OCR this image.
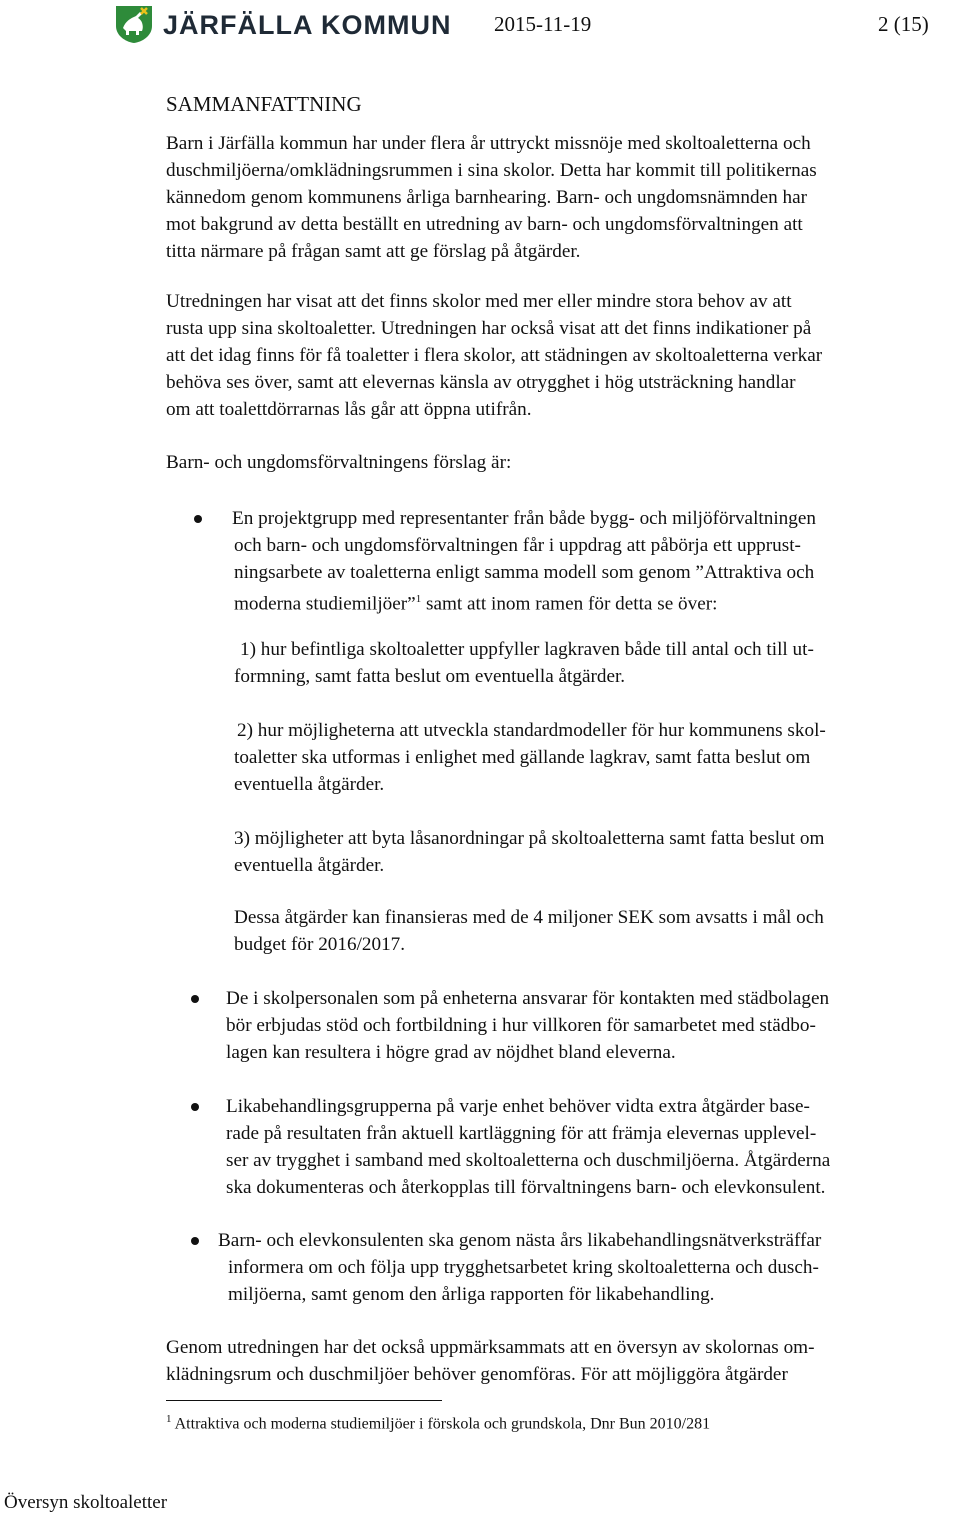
JÄRFÄLLA KOMMUN 2015-11-19	2 (15)
SAMMANFATTNING
Barn i Järfälla kommun har under flera år uttryckt missnöje med skoltoaletterna och
duschmiljöerna/omklädningsrummen i sina skolor. Detta har kommit till politikernas
kännedom genom kommunens årliga barnhearing. Barn- och ungdomsnämnden har
mot bakgrund av detta beställt en utredning av barn- och ungdomsförvaltningen att
titta närmare på frågan samt att ge förslag på åtgärder.
Utredningen har visat att det finns skolor med mer eller mindre stora behov av att
rusta upp sina skoltoaletter. Utredningen har också visat att det finns indikationer på
att det idag finns för få toaletter i flera skolor, att städningen av skoltoaletterna verkar
behöva ses över, samt att elevernas känsla av otrygghet i hög utsträckning handlar
om att toalettdörrarnas lås går att öppna utifrån.
Barn- och ungdomsförvaltningens förslag är:
En projektgrupp med representanter från både bygg- och miljöförvaltningen
och barn- och ungdomsförvaltningen får i uppdrag att påbörja ett upprust-
ningsarbete av toaletterna enligt samma modell som genom ”Attraktiva och
moderna studiemiljöer”$^1$ samt att inom ramen för detta se över:
1) hur befintliga skoltoaletter uppfyller lagkraven både till antal och till ut-
formning, samt fatta beslut om eventuella åtgärder.
2) hur möjligheterna att utveckla standardmodeller för hur kommunens skol-
toaletter ska utformas i enlighet med gällande lagkrav, samt fatta beslut om
eventuella åtgärder.
3) möjligheter att byta låsanordningar på skoltoaletterna samt fatta beslut om
eventuella åtgärder.
Dessa åtgärder kan finansieras med de 4 miljoner SEK som avsatts i mål och
budget för 2016/2017.
De i skolpersonalen som på enheterna ansvarar för kontakten med städbolagen
bör erbjudas stöd och fortbildning i hur villkoren för samarbetet med städbo-
lagen kan resultera i högre grad av nöjdhet bland eleverna.
Likabehandlingsgrupperna på varje enhet behöver vidta extra åtgärder base-
rade på resultaten från aktuell kartläggning för att främja elevernas upplevel-
ser av trygghet i samband med skoltoaletterna och duschmiljöerna. Åtgärderna
ska dokumenteras och återkopplas till förvaltningens barn- och elevkonsulent.
Barn- och elevkonsulenten ska genom nästa års likabehandlingsnätverksträffar
informera om och följa upp trygghetsarbetet kring skoltoaletterna och dusch-
miljöerna, samt genom den årliga rapporten för likabehandling.
Genom utredningen har det också uppmärksammats att en översyn av skolornas om-
klädningsrum och duschmiljöer behöver genomföras. För att möjliggöra åtgärder
$^1$ Attraktiva och moderna studiemiljöer i förskola och grundskola, Dnr Bun 2010/281
Översyn skoltoaletter
